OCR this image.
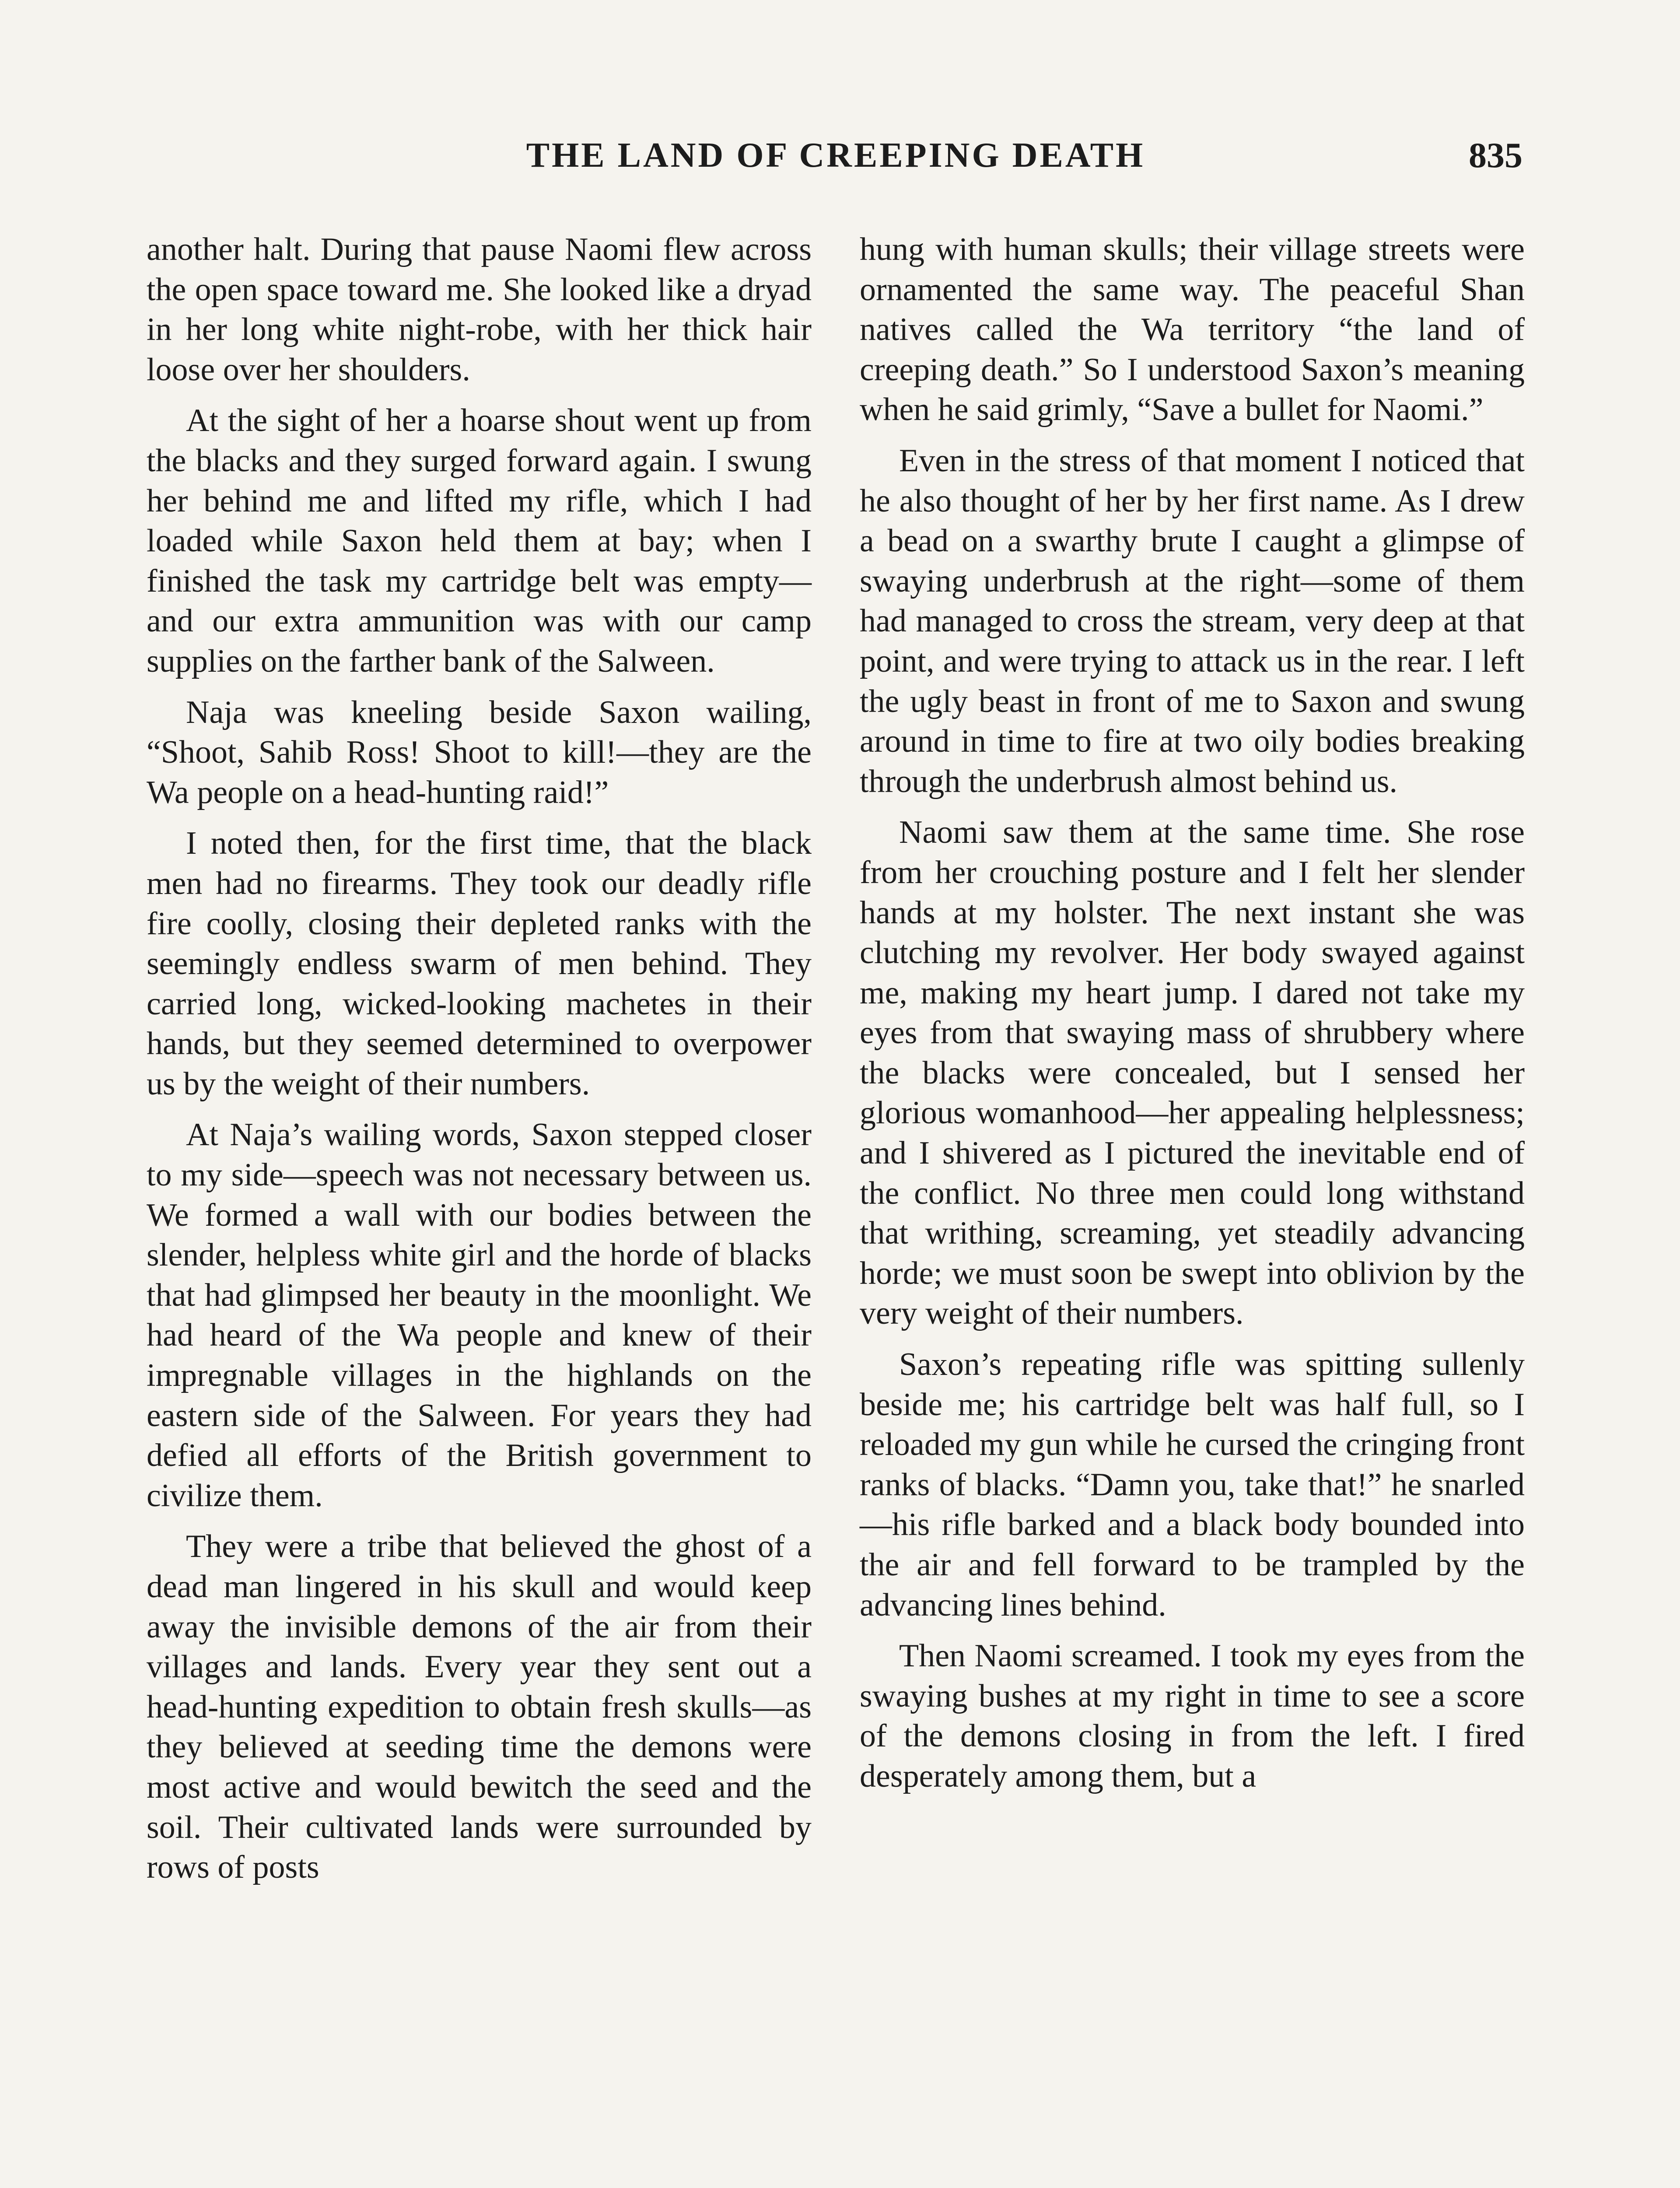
THE LAND OF CREEPING DEATH	835

another halt. During that pause Naomi flew across the open space toward me. She looked like a dryad in her long white night-robe, with her thick hair loose over her shoulders.

At the sight of her a hoarse shout went up from the blacks and they surged forward again. I swung her behind me and lifted my rifle, which I had loaded while Saxon held them at bay; when I finished the task my cartridge belt was empty—and our extra ammunition was with our camp supplies on the farther bank of the Salween.

Naja was kneeling beside Saxon wailing, “Shoot, Sahib Ross! Shoot to kill!—they are the Wa people on a head-hunting raid!”

I noted then, for the first time, that the black men had no firearms. They took our deadly rifle fire coolly, closing their depleted ranks with the seemingly endless swarm of men behind. They carried long, wicked-looking machetes in their hands, but they seemed determined to overpower us by the weight of their numbers.

At Naja’s wailing words, Saxon stepped closer to my side—speech was not necessary between us. We formed a wall with our bodies between the slender, helpless white girl and the horde of blacks that had glimpsed her beauty in the moonlight. We had heard of the Wa people and knew of their impregnable villages in the highlands on the eastern side of the Salween. For years they had defied all efforts of the British government to civilize them.

They were a tribe that believed the ghost of a dead man lingered in his skull and would keep away the invisible demons of the air from their villages and lands. Every year they sent out a head-hunting expedition to obtain fresh skulls—as they believed at seeding time the demons were most active and would bewitch the seed and the soil. Their cultivated lands were surrounded by rows of posts

hung with human skulls; their village streets were ornamented the same way. The peaceful Shan natives called the Wa territory “the land of creeping death.” So I understood Saxon’s meaning when he said grimly, “Save a bullet for Naomi.”

Even in the stress of that moment I noticed that he also thought of her by her first name. As I drew a bead on a swarthy brute I caught a glimpse of swaying underbrush at the right—some of them had managed to cross the stream, very deep at that point, and were trying to attack us in the rear. I left the ugly beast in front of me to Saxon and swung around in time to fire at two oily bodies breaking through the underbrush almost behind us.

Naomi saw them at the same time. She rose from her crouching posture and I felt her slender hands at my holster. The next instant she was clutching my revolver. Her body swayed against me, making my heart jump. I dared not take my eyes from that swaying mass of shrubbery where the blacks were concealed, but I sensed her glorious womanhood—her appealing helplessness; and I shivered as I pictured the inevitable end of the conflict. No three men could long withstand that writhing, screaming, yet steadily advancing horde; we must soon be swept into oblivion by the very weight of their numbers.

Saxon’s repeating rifle was spitting sullenly beside me; his cartridge belt was half full, so I reloaded my gun while he cursed the cringing front ranks of blacks. “Damn you, take that!” he snarled—his rifle barked and a black body bounded into the air and fell forward to be trampled by the advancing lines behind.

Then Naomi screamed. I took my eyes from the swaying bushes at my right in time to see a score of the demons closing in from the left. I fired desperately among them, but a
